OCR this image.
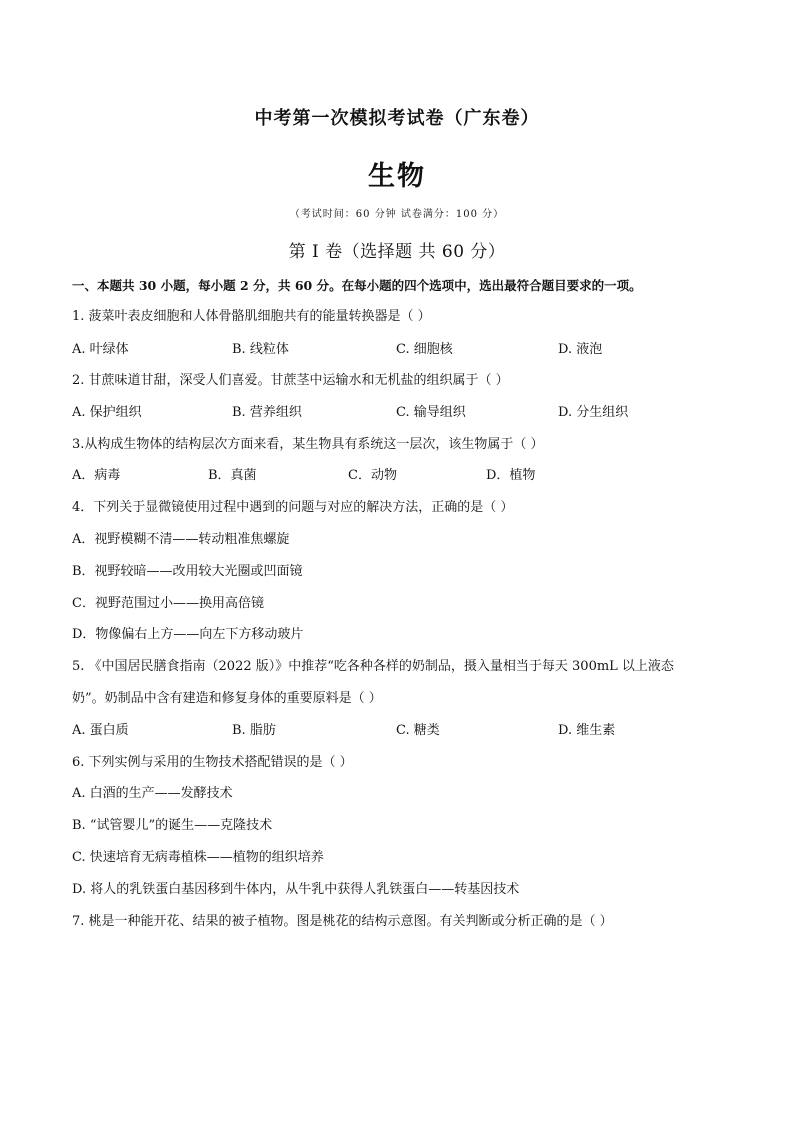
中考第一次模拟考试卷（广东卷）
生物
（考试时间：60 分钟 试卷满分：100 分）
第 I 卷（选择题 共 60 分）
一、本题共 30 小题，每小题 2 分，共 60 分。在每小题的四个选项中，选出最符合题目要求的一项。
1. 菠菜叶表皮细胞和人体骨骼肌细胞共有的能量转换器是（ ）
A. 叶绿体	B. 线粒体	C. 细胞核	D. 液泡
2. 甘蔗味道甘甜，深受人们喜爱。甘蔗茎中运输水和无机盐的组织属于（ ）
A. 保护组织	B. 营养组织	C. 输导组织	D. 分生组织
3.从构成生物体的结构层次方面来看，某生物具有系统这一层次，该生物属于（ ）
A．病毒	B．真菌	C．动物	D．植物
4．下列关于显微镜使用过程中遇到的问题与对应的解决方法，正确的是（ ）
A．视野模糊不清——转动粗准焦螺旋
B．视野较暗——改用较大光圈或凹面镜
C．视野范围过小——换用高倍镜
D．物像偏右上方——向左下方移动玻片
5. 《中国居民膳食指南（2022 版）》中推荐“吃各种各样的奶制品，摄入量相当于每天 300mL 以上液态
奶”。奶制品中含有建造和修复身体的重要原料是（ ）
A. 蛋白质	B. 脂肪	C. 糖类	D. 维生素
6. 下列实例与采用的生物技术搭配错误的是（ ）
A. 白酒的生产——发酵技术
B. “试管婴儿”的诞生——克隆技术
C. 快速培育无病毒植株——植物的组织培养
D. 将人的乳铁蛋白基因移到牛体内，从牛乳中获得人乳铁蛋白——转基因技术
7. 桃是一种能开花、结果的被子植物。图是桃花的结构示意图。有关判断或分析正确的是（ ）
